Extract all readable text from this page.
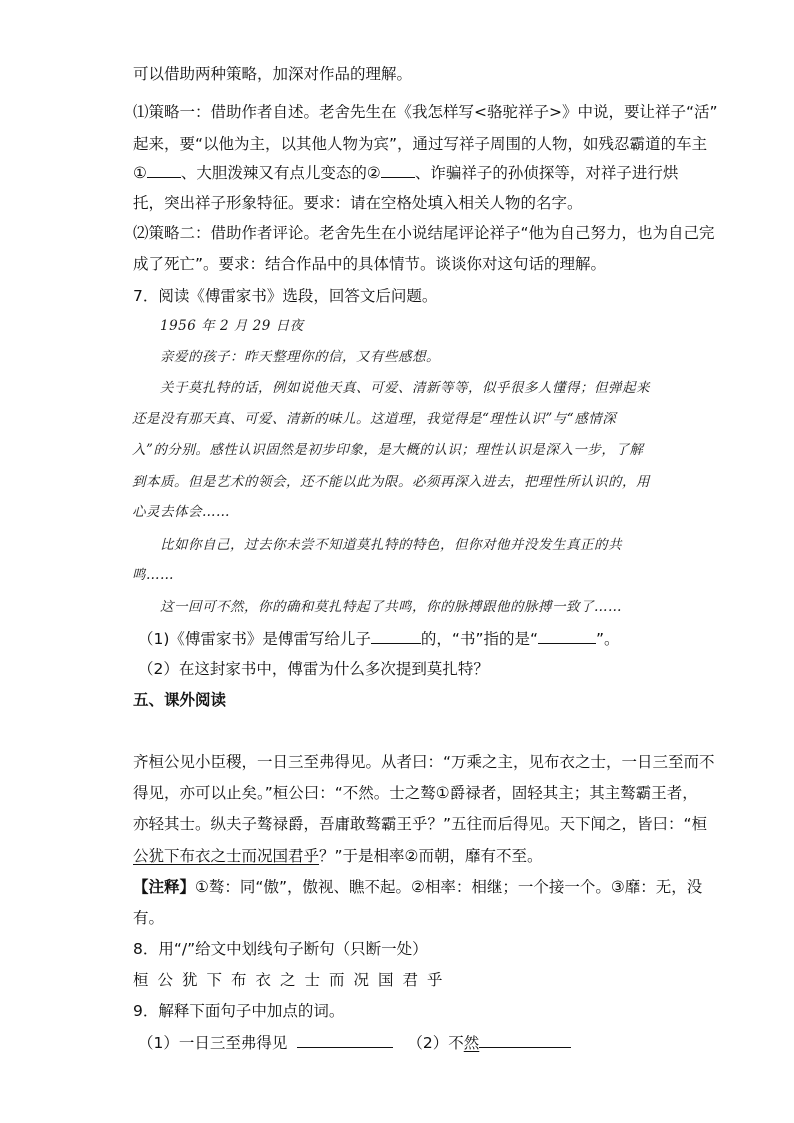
可以借助两种策略，加深对作品的理解。
⑴策略一：借助作者自述。老舍先生在《我怎样写<骆驼祥子>》中说，要让祥子“活”
起来，要“以他为主，以其他人物为宾”，通过写祥子周围的人物，如残忍霸道的车主
① 、大胆泼辣又有点儿变态的② 、诈骗祥子的孙侦探等，对祥子进行烘
托，突出祥子形象特征。要求：请在空格处填入相关人物的名字。
⑵策略二：借助作者评论。老舍先生在小说结尾评论祥子“他为自己努力，也为自己完
成了死亡”。要求：结合作品中的具体情节。谈谈你对这句话的理解。
7．阅读《傅雷家书》选段，回答文后问题。
1956 年 2 月 29 日夜
亲爱的孩子：昨天整理你的信，又有些感想。
关于莫扎特的话，例如说他天真、可爱、清新等等，似乎很多人懂得；但弹起来
还是没有那天真、可爱、清新的味儿。这道理，我觉得是“理性认识”与“感情深
入”的分别。感性认识固然是初步印象，是大概的认识；理性认识是深入一步，了解
到本质。但是艺术的领会，还不能以此为限。必须再深入进去，把理性所认识的，用
心灵去体会……
比如你自己，过去你未尝不知道莫扎特的特色，但你对他并没发生真正的共
鸣……
这一回可不然，你的确和莫扎特起了共鸣，你的脉搏跟他的脉搏一致了……
（1)《傅雷家书》是傅雷写给儿子	的，“书”指的是“	”。
（2）在这封家书中，傅雷为什么多次提到莫扎特？
五、课外阅读
齐桓公见小臣稷，一日三至弗得见。从者曰：“万乘之主，见布衣之士，一日三至而不
得见，亦可以止矣。”桓公曰：“不然。士之骜①爵禄者，固轻其主；其主骜霸王者，
亦轻其士。纵夫子骜禄爵，吾庸敢骜霸王乎？”五往而后得见。天下闻之，皆曰：“桓
公犹下布衣之士而况国君乎？”于是相率②而朝，靡有不至。
【注释】①骜：同“傲”，傲视、瞧不起。②相率：相继；一个接一个。③靡：无，没
有。
8．用“/”给文中划线句子断句（只断一处）
桓公犹下布衣之士而况国君乎
9．解释下面句子中加点的词。
（1）一日三至弗得见	（2）不然
